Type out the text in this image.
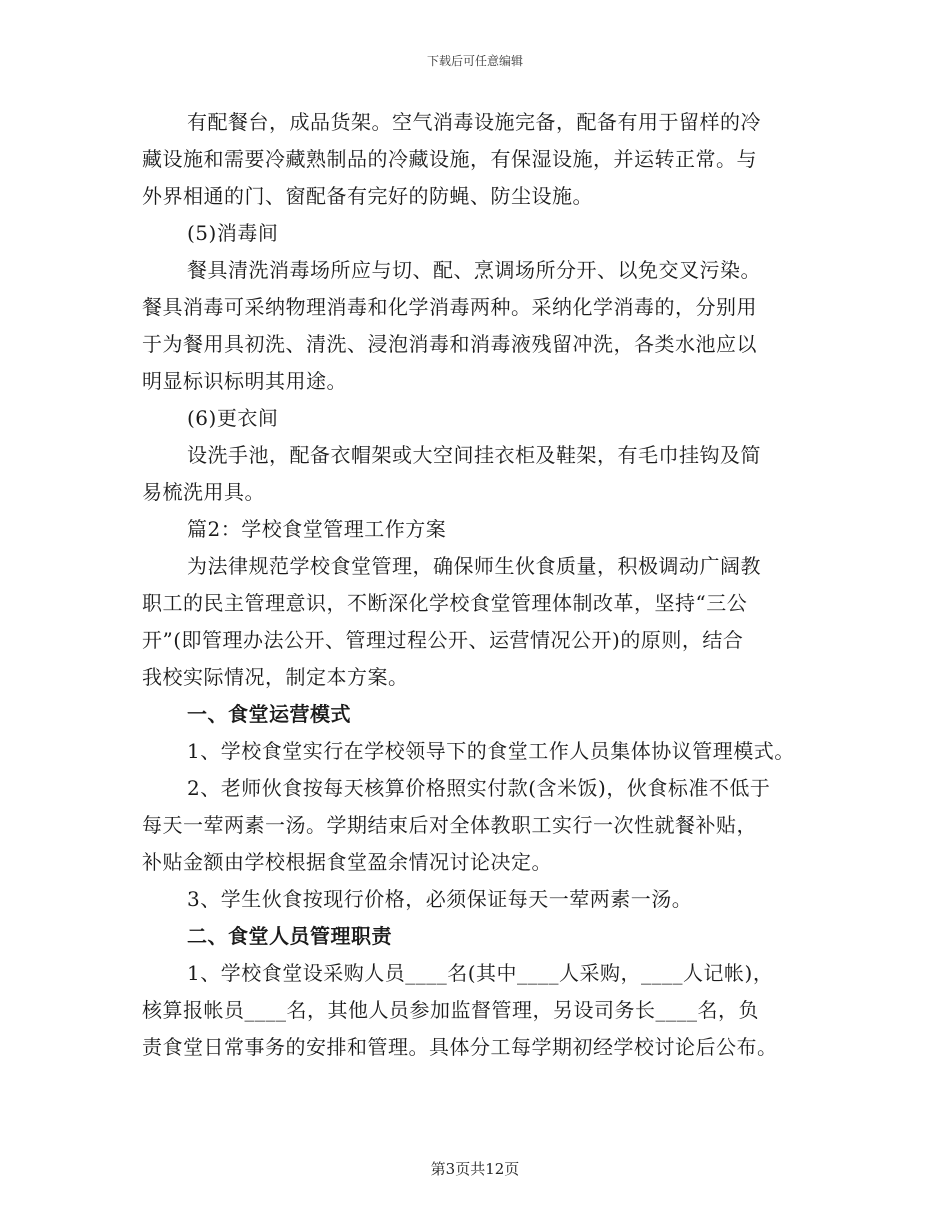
下载后可任意编辑
有配餐台，成品货架。空气消毒设施完备，配备有用于留样的冷
藏设施和需要冷藏熟制品的冷藏设施，有保湿设施，并运转正常。与
外界相通的门、窗配备有完好的防蝇、防尘设施。
(5)消毒间
餐具清洗消毒场所应与切、配、烹调场所分开、以免交叉污染。
餐具消毒可采纳物理消毒和化学消毒两种。采纳化学消毒的，分别用
于为餐用具初洗、清洗、浸泡消毒和消毒液残留冲洗，各类水池应以
明显标识标明其用途。
(6)更衣间
设洗手池，配备衣帽架或大空间挂衣柜及鞋架，有毛巾挂钩及简
易梳洗用具。
篇2：学校食堂管理工作方案
为法律规范学校食堂管理，确保师生伙食质量，积极调动广阔教
职工的民主管理意识，不断深化学校食堂管理体制改革，坚持“三公
开”(即管理办法公开、管理过程公开、运营情况公开)的原则，结合
我校实际情况，制定本方案。
一、食堂运营模式
1、学校食堂实行在学校领导下的食堂工作人员集体协议管理模式。
2、老师伙食按每天核算价格照实付款(含米饭)，伙食标准不低于
每天一荤两素一汤。学期结束后对全体教职工实行一次性就餐补贴，
补贴金额由学校根据食堂盈余情况讨论决定。
3、学生伙食按现行价格，必须保证每天一荤两素一汤。
二、食堂人员管理职责
1、学校食堂设采购人员____名(其中____人采购，____人记帐)，
核算报帐员____名，其他人员参加监督管理，另设司务长____名，负
责食堂日常事务的安排和管理。具体分工每学期初经学校讨论后公布。
第3页共12页
